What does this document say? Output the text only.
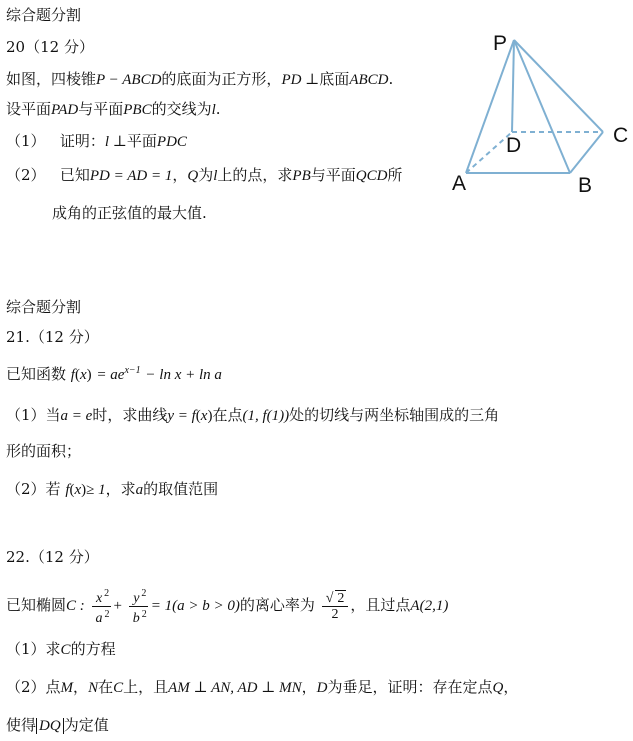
综合题分割
20（12 分）
如图，四棱锥P − ABCD的底面为正方形，PD ⊥底面ABCD.
设平面PAD与平面PBC的交线为l.
（1） 证明：l ⊥平面PDC
（2） 已知PD = AD = 1，Q为l上的点，求PB与平面QCD所
成角的正弦值的最大值.
P
A	B
C
D
综合题分割
21.（12 分）
已知函数 $f(x) = ae^{x-1} - \ln x + \ln a$
（1）当a = e时，求曲线y = f(x)在点(1, f(1))处的切线与两坐标轴围成的三角
形的面积；
（2）若 f(x)≥ 1，求a的取值范围
22.（12 分）
已知椭圆C : $\frac{x ^2}{a ^2} + \frac{y ^2}{b ^2} = 1(a > b > 0)$的离心率为 $\frac{√ 2}{2}$ ，且过点A(2,1)
（1）求C的方程
（2）点M，N在C上，且AM ⊥ AN, AD ⊥ MN，D为垂足，证明：存在定点Q，
使得 DQ 为定值
